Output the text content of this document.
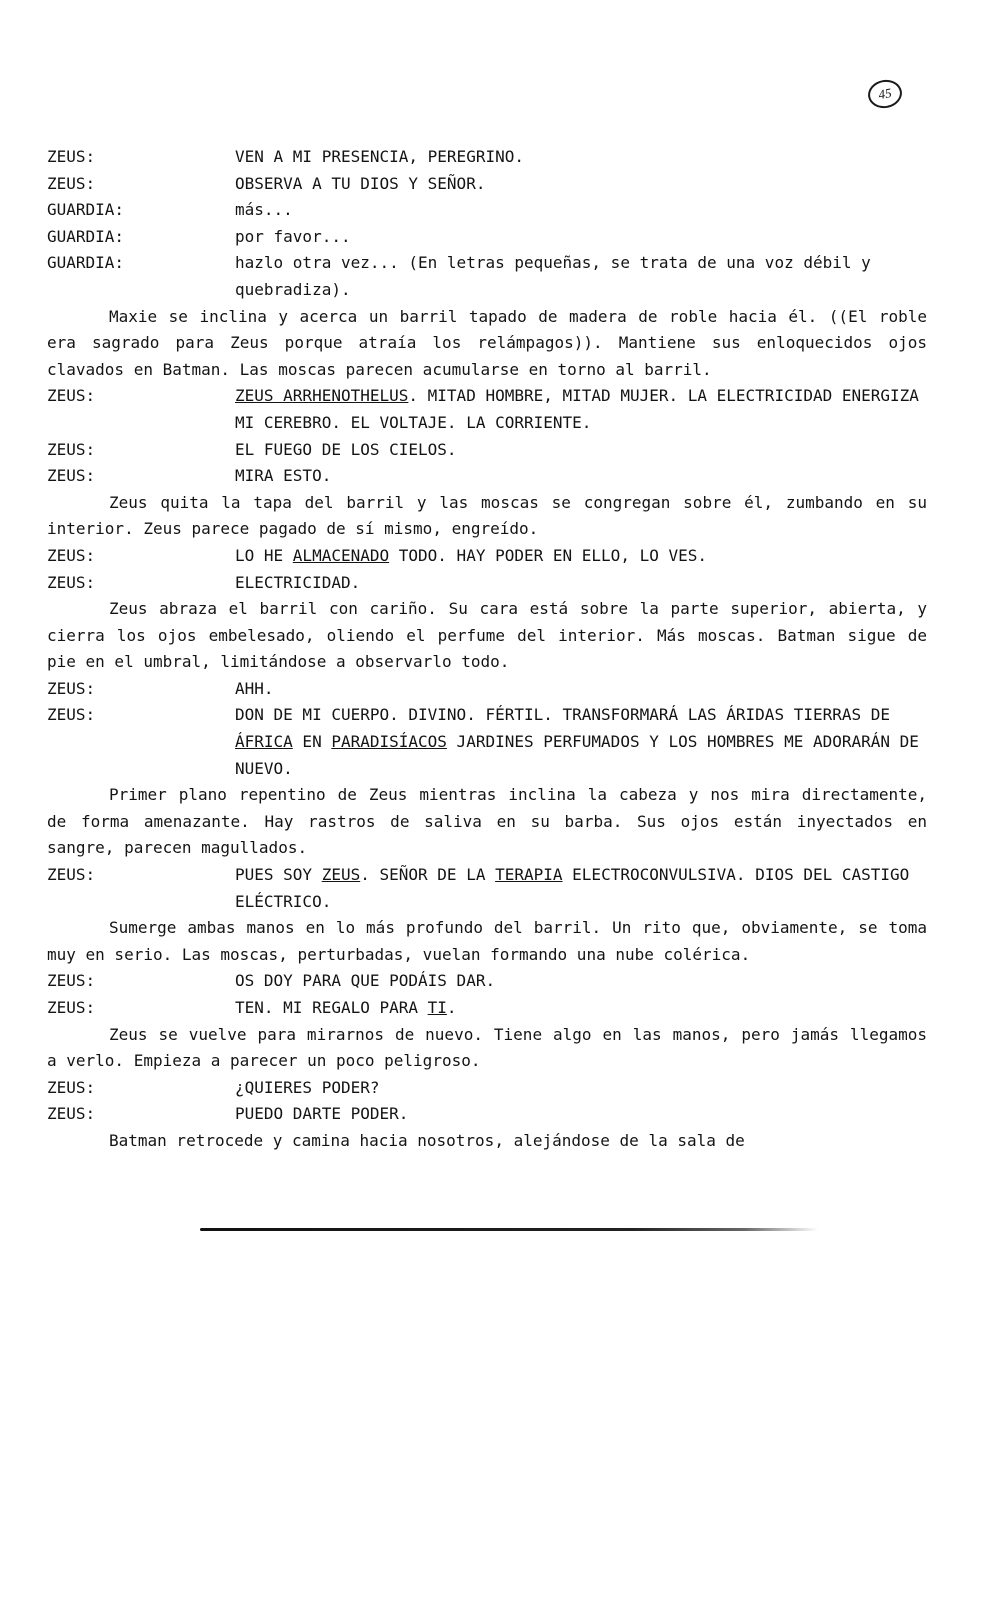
45
ZEUS:	VEN A MI PRESENCIA, PEREGRINO.
ZEUS:	OBSERVA A TU DIOS Y SEÑOR.
GUARDIA:	más...
GUARDIA:	por favor...
GUARDIA:	hazlo otra vez... (En letras pequeñas, se trata de una voz débil y quebradiza).
Maxie se inclina y acerca un barril tapado de madera de roble hacia él. ((El roble era sagrado para Zeus porque atraía los relámpagos)). Mantiene sus enloquecidos ojos clavados en Batman. Las moscas parecen acumularse en torno al barril.
ZEUS:	ZEUS ARRHENOTHELUS. MITAD HOMBRE, MITAD MUJER. LA ELECTRICIDAD ENERGIZA MI CEREBRO. EL VOLTAJE. LA CORRIENTE.
ZEUS:	EL FUEGO DE LOS CIELOS.
ZEUS:	MIRA ESTO.
Zeus quita la tapa del barril y las moscas se congregan sobre él, zumbando en su interior. Zeus parece pagado de sí mismo, engreído.
ZEUS:	LO HE ALMACENADO TODO. HAY PODER EN ELLO, LO VES.
ZEUS:	ELECTRICIDAD.
Zeus abraza el barril con cariño. Su cara está sobre la parte superior, abierta, y cierra los ojos embelesado, oliendo el perfume del interior. Más moscas. Batman sigue de pie en el umbral, limitándose a observarlo todo.
ZEUS:	AHH.
ZEUS:	DON DE MI CUERPO. DIVINO. FÉRTIL. TRANSFORMARÁ LAS ÁRIDAS TIERRAS DE ÁFRICA EN PARADISÍACOS JARDINES PERFUMADOS Y LOS HOMBRES ME ADORARÁN DE NUEVO.
Primer plano repentino de Zeus mientras inclina la cabeza y nos mira directamente, de forma amenazante. Hay rastros de saliva en su barba. Sus ojos están inyectados en sangre, parecen magullados.
ZEUS:	PUES SOY ZEUS. SEÑOR DE LA TERAPIA ELECTROCONVULSIVA. DIOS DEL CASTIGO ELÉCTRICO.
Sumerge ambas manos en lo más profundo del barril. Un rito que, obviamente, se toma muy en serio. Las moscas, perturbadas, vuelan formando una nube colérica.
ZEUS:	OS DOY PARA QUE PODÁIS DAR.
ZEUS:	TEN. MI REGALO PARA TI.
Zeus se vuelve para mirarnos de nuevo. Tiene algo en las manos, pero jamás llegamos a verlo. Empieza a parecer un poco peligroso.
ZEUS:	¿QUIERES PODER?
ZEUS:	PUEDO DARTE PODER.
Batman retrocede y camina hacia nosotros, alejándose de la sala de
